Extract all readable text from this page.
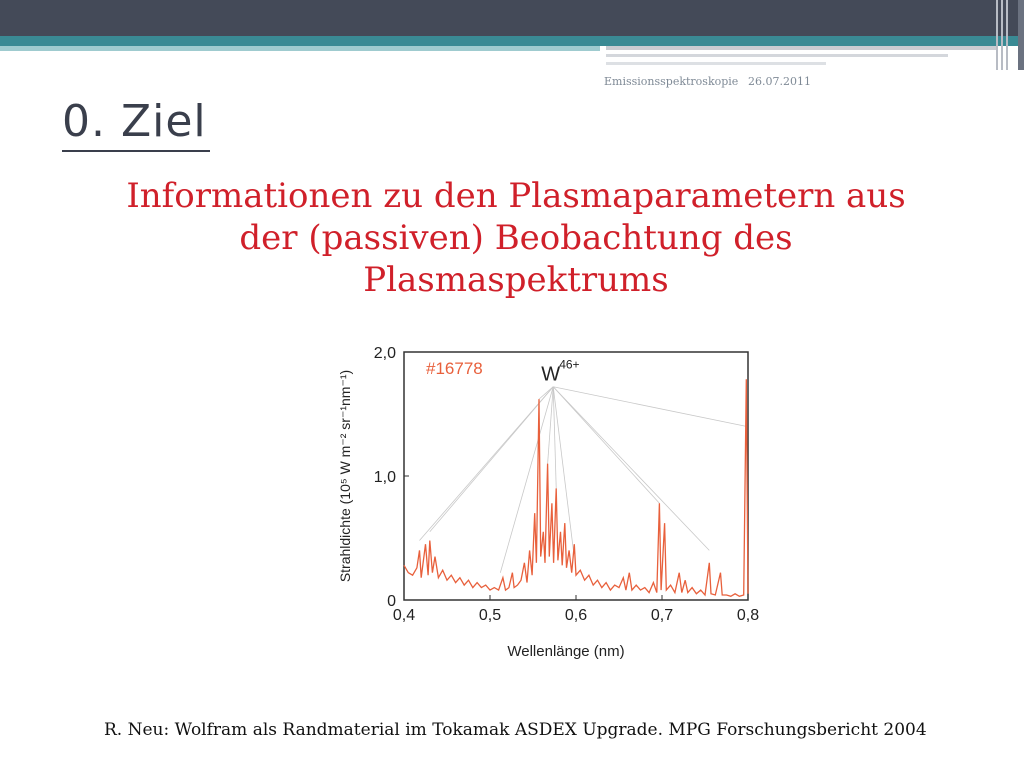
Emissionsspektroskopie 26.07.2011
0. Ziel
Informationen zu den Plasmaparametern aus
der (passiven) Beobachtung des
Plasmaspektrums
0,4	0,5	0,6	0,7	0,8
0
1,0
2,0
Wellenlänge (nm)
Strahldichte (10⁵ W m⁻² sr⁻¹nm⁻¹)
#16778	W 46+
R. Neu: Wolfram als Randmaterial im Tokamak ASDEX Upgrade. MPG Forschungsbericht 2004
